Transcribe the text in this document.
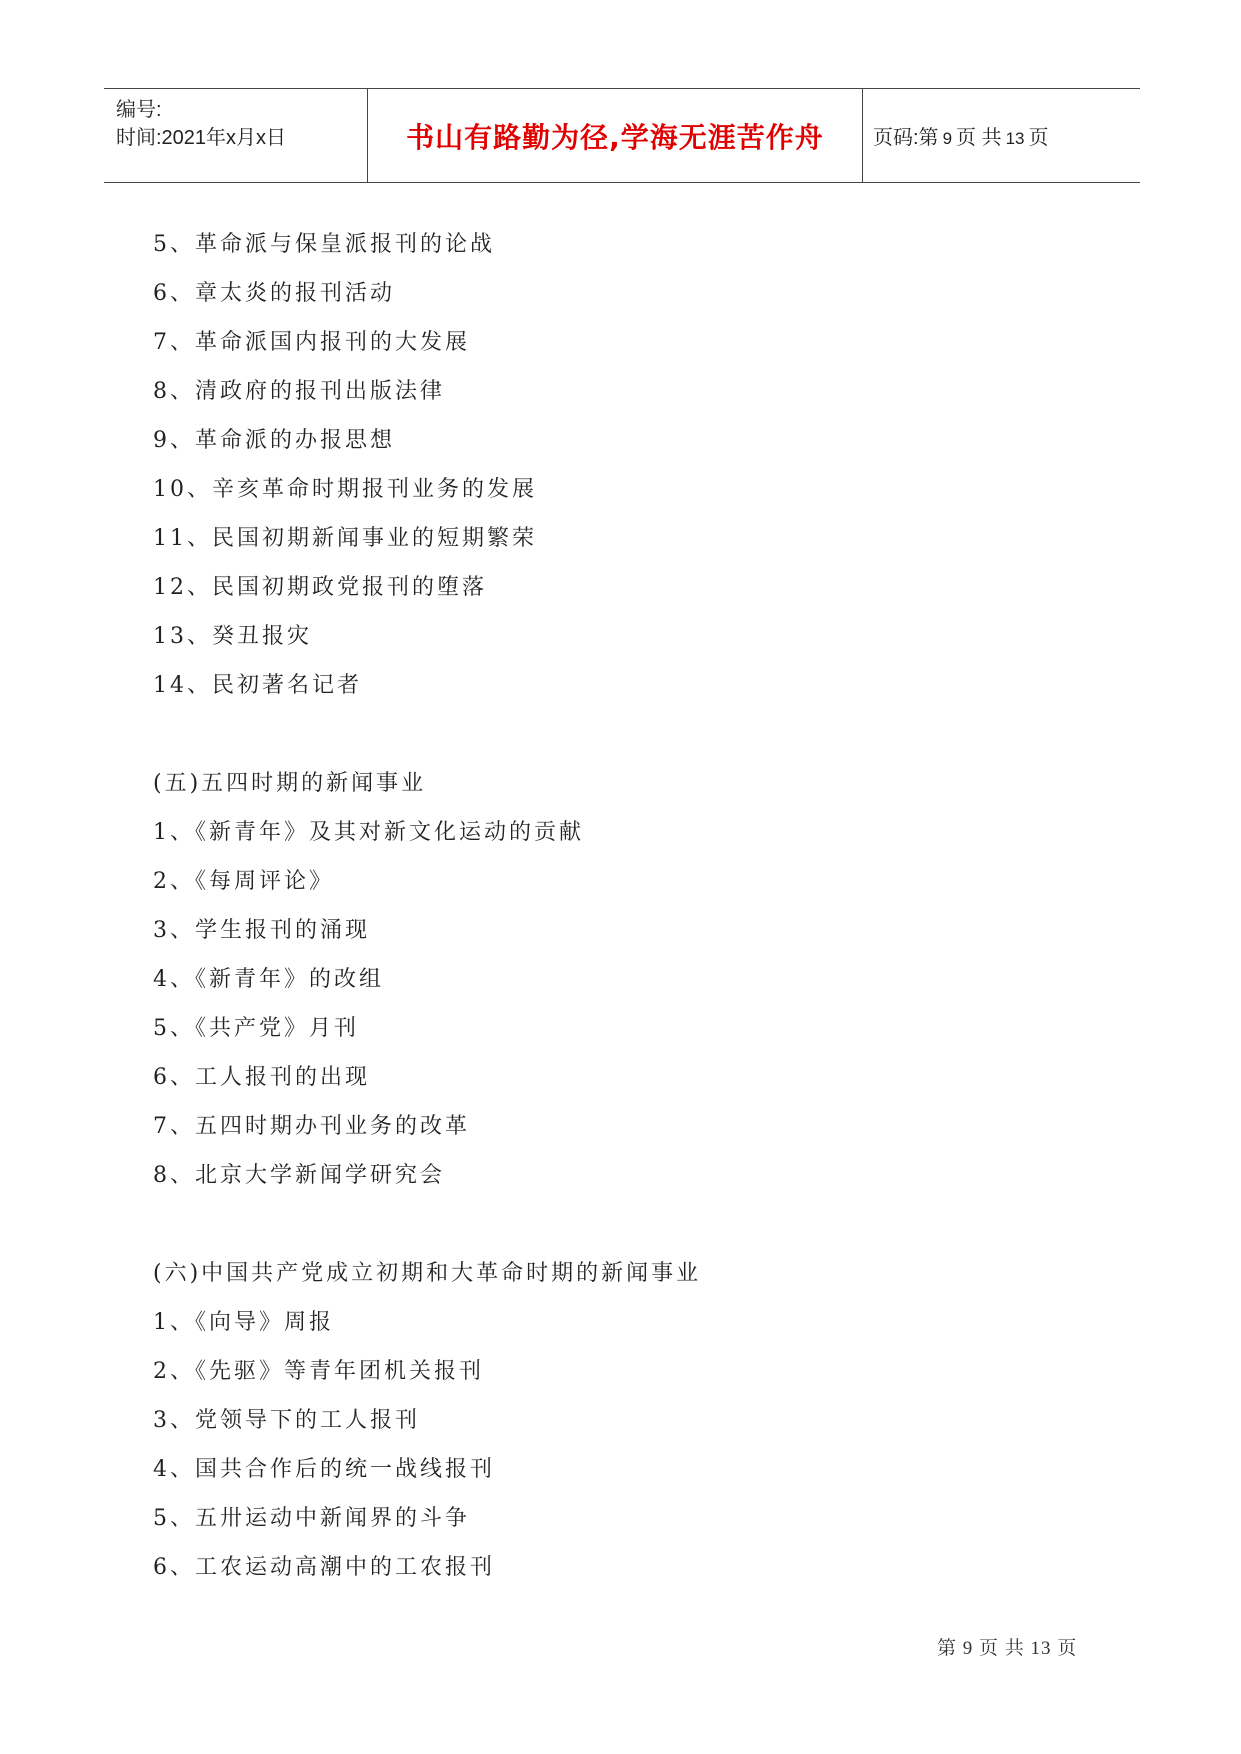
编号:
时间:2021年x月x日	书山有路勤为径,学海无涯苦作舟 页码:第 9 页 共 13 页
5、革命派与保皇派报刊的论战
6、章太炎的报刊活动
7、革命派国内报刊的大发展
8、清政府的报刊出版法律
9、革命派的办报思想
10、辛亥革命时期报刊业务的发展
11、民国初期新闻事业的短期繁荣
12、民国初期政党报刊的堕落
13、癸丑报灾
14、民初著名记者
(五)五四时期的新闻事业
1、《新青年》及其对新文化运动的贡献
2、《每周评论》
3、学生报刊的涌现
4、《新青年》的改组
5、《共产党》月刊
6、工人报刊的出现
7、五四时期办刊业务的改革
8、北京大学新闻学研究会
(六)中国共产党成立初期和大革命时期的新闻事业
1、《向导》周报
2、《先驱》等青年团机关报刊
3、党领导下的工人报刊
4、国共合作后的统一战线报刊
5、五卅运动中新闻界的斗争
6、工农运动高潮中的工农报刊
第 9 页 共 13 页
